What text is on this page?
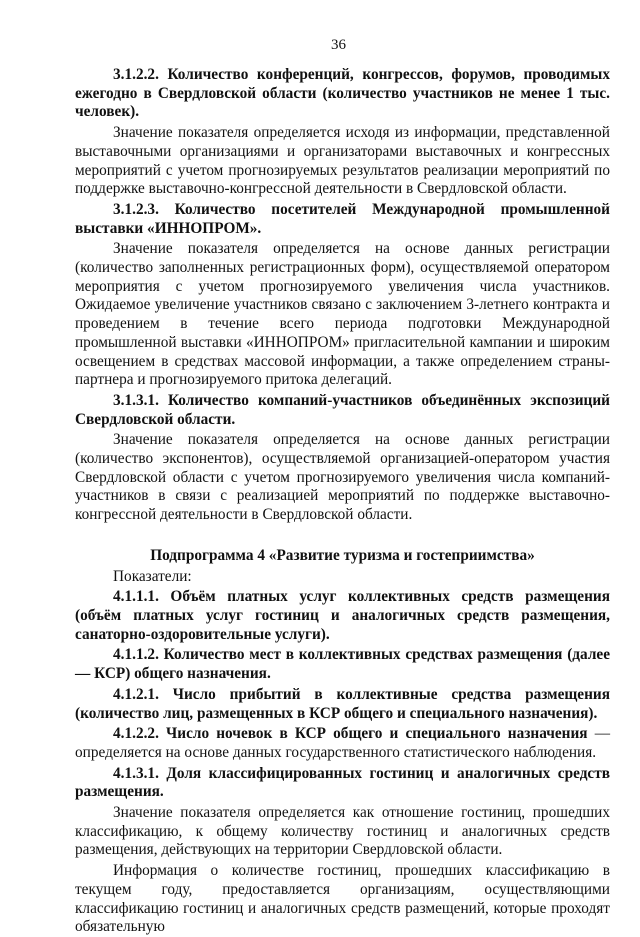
36

3.1.2.2. Количество конференций, конгрессов, форумов, проводимых ежегодно в Свердловской области (количество участников не менее 1 тыс. человек).

Значение показателя определяется исходя из информации, представленной выставочными организациями и организаторами выставочных и конгрессных мероприятий с учетом прогнозируемых результатов реализации мероприятий по поддержке выставочно-конгрессной деятельности в Свердловской области.

3.1.2.3. Количество посетителей Международной промышленной выставки «ИННОПРОМ».

Значение показателя определяется на основе данных регистрации (количество заполненных регистрационных форм), осуществляемой оператором мероприятия с учетом прогнозируемого увеличения числа участников. Ожидаемое увеличение участников связано с заключением 3-летнего контракта и проведением в течение всего периода подготовки Международной промышленной выставки «ИННОПРОМ» пригласительной кампании и широким освещением в средствах массовой информации, а также определением страны-партнера и прогнозируемого притока делегаций.

3.1.3.1. Количество компаний-участников объединённых экспозиций Свердловской области.

Значение показателя определяется на основе данных регистрации (количество экспонентов), осуществляемой организацией-оператором участия Свердловской области с учетом прогнозируемого увеличения числа компаний-участников в связи с реализацией мероприятий по поддержке выставочно-конгрессной деятельности в Свердловской области.

Подпрограмма 4 «Развитие туризма и гостеприимства»

Показатели:

4.1.1.1. Объём платных услуг коллективных средств размещения (объём платных услуг гостиниц и аналогичных средств размещения, санаторно-оздоровительные услуги).

4.1.1.2. Количество мест в коллективных средствах размещения (далее — КСР) общего назначения.

4.1.2.1. Число прибытий в коллективные средства размещения (количество лиц, размещенных в КСР общего и специального назначения).

4.1.2.2. Число ночевок в КСР общего и специального назначения — определяется на основе данных государственного статистического наблюдения.

4.1.3.1. Доля классифицированных гостиниц и аналогичных средств размещения.

Значение показателя определяется как отношение гостиниц, прошедших классификацию, к общему количеству гостиниц и аналогичных средств размещения, действующих на территории Свердловской области.

Информация о количестве гостиниц, прошедших классификацию в текущем году, предоставляется организациям, осуществляющими классификацию гостиниц и аналогичных средств размещений, которые проходят обязательную
